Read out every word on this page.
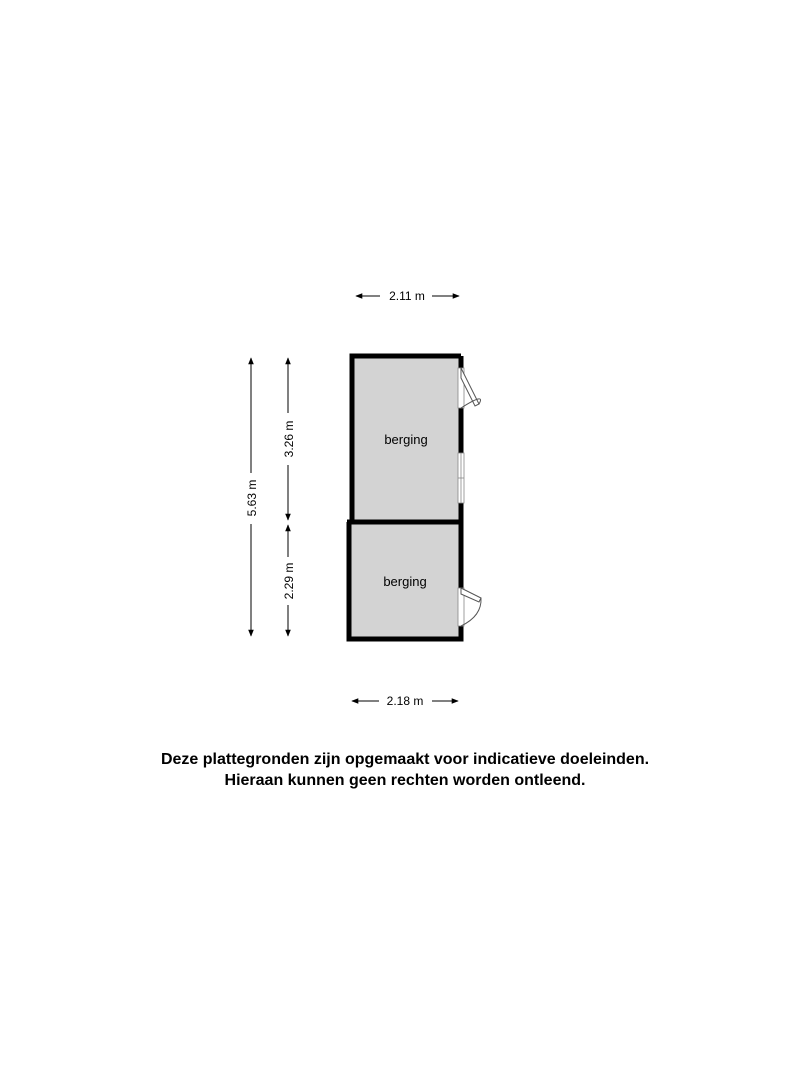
berging
berging
2.11 m
2.18 m
5.63 m
3.26 m
2.29 m
Deze plattegronden zijn opgemaakt voor indicatieve doeleinden.
Hieraan kunnen geen rechten worden ontleend.
